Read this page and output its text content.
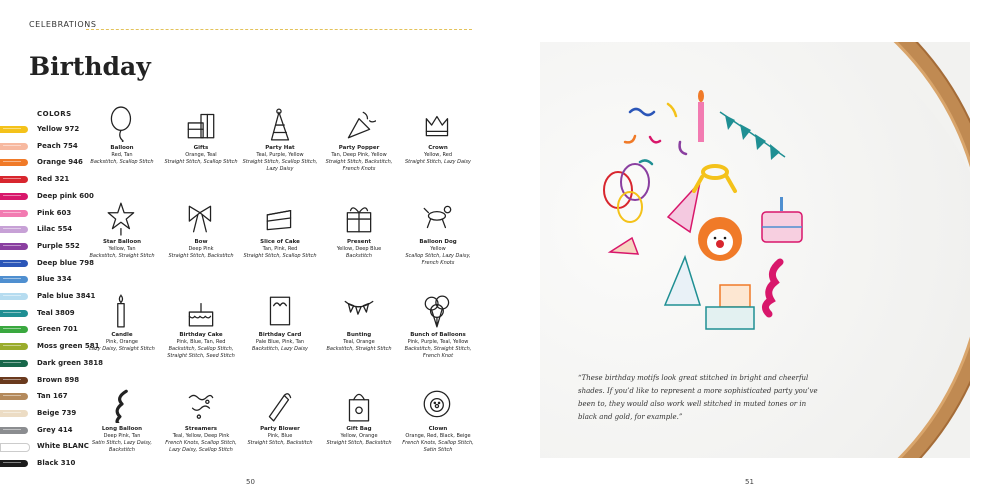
CELEBRATIONS
Birthday
COLORS
Yellow 972
Peach 754
Orange 946
Red 321
Deep pink 600
Pink 603
Lilac 554
Purple 552
Deep blue 798
Blue 334
Pale blue 3841
Teal 3809
Green 701
Moss green 581
Dark green 3818
Brown 898
Tan 167
Beige 739
Grey 414
White BLANC
Black 310
Balloon
Red, Tan
Backstitch, Scallop Stitch
Gifts
Orange, Teal
Straight Stitch, Scallop Stitch
Party Hat
Teal, Purple, Yellow
Straight Stitch, Scallop Stitch, Lazy Daisy
Party Popper
Tan, Deep Pink, Yellow
Straight Stitch, Backstitch, French Knots
Crown
Yellow, Red
Straight Stitch, Lazy Daisy
Star Balloon
Yellow, Tan
Backstitch, Straight Stitch
Bow
Deep Pink
Straight Stitch, Backstitch
Slice of Cake
Tan, Pink, Red
Straight Stitch, Scallop Stitch
Present
Yellow, Deep Blue
Backstitch
Balloon Dog
Yellow
Scallop Stitch, Lazy Daisy, French Knots
Candle
Pink, Orange
Lazy Daisy, Straight Stitch
Birthday Cake
Pink, Blue, Tan, Red
Backstitch, Scallop Stitch, Straight Stitch, Seed Stitch
Birthday Card
Pale Blue, Pink, Tan
Backstitch, Lazy Daisy
Bunting
Teal, Orange
Backstitch, Straight Stitch
Bunch of Balloons
Pink, Purple, Teal, Yellow
Backstitch, Straight Stitch, French Knot
Long Balloon
Deep Pink, Tan
Satin Stitch, Lazy Daisy, Backstitch
Streamers
Teal, Yellow, Deep Pink
French Knots, Scallop Stitch, Lazy Daisy, Scallop Stitch
Party Blower
Pink, Blue
Straight Stitch, Backstitch
Gift Bag
Yellow, Orange
Straight Stitch, Backstitch
Clown
Orange, Red, Black, Beige
French Knots, Scallop Stitch, Satin Stitch
50
“These birthday motifs look great stitched in bright and cheerful shades. If you’d like to represent a more sophisticated party you’ve been to, they would also work well stitched in muted tones or in black and gold, for example.”
51
